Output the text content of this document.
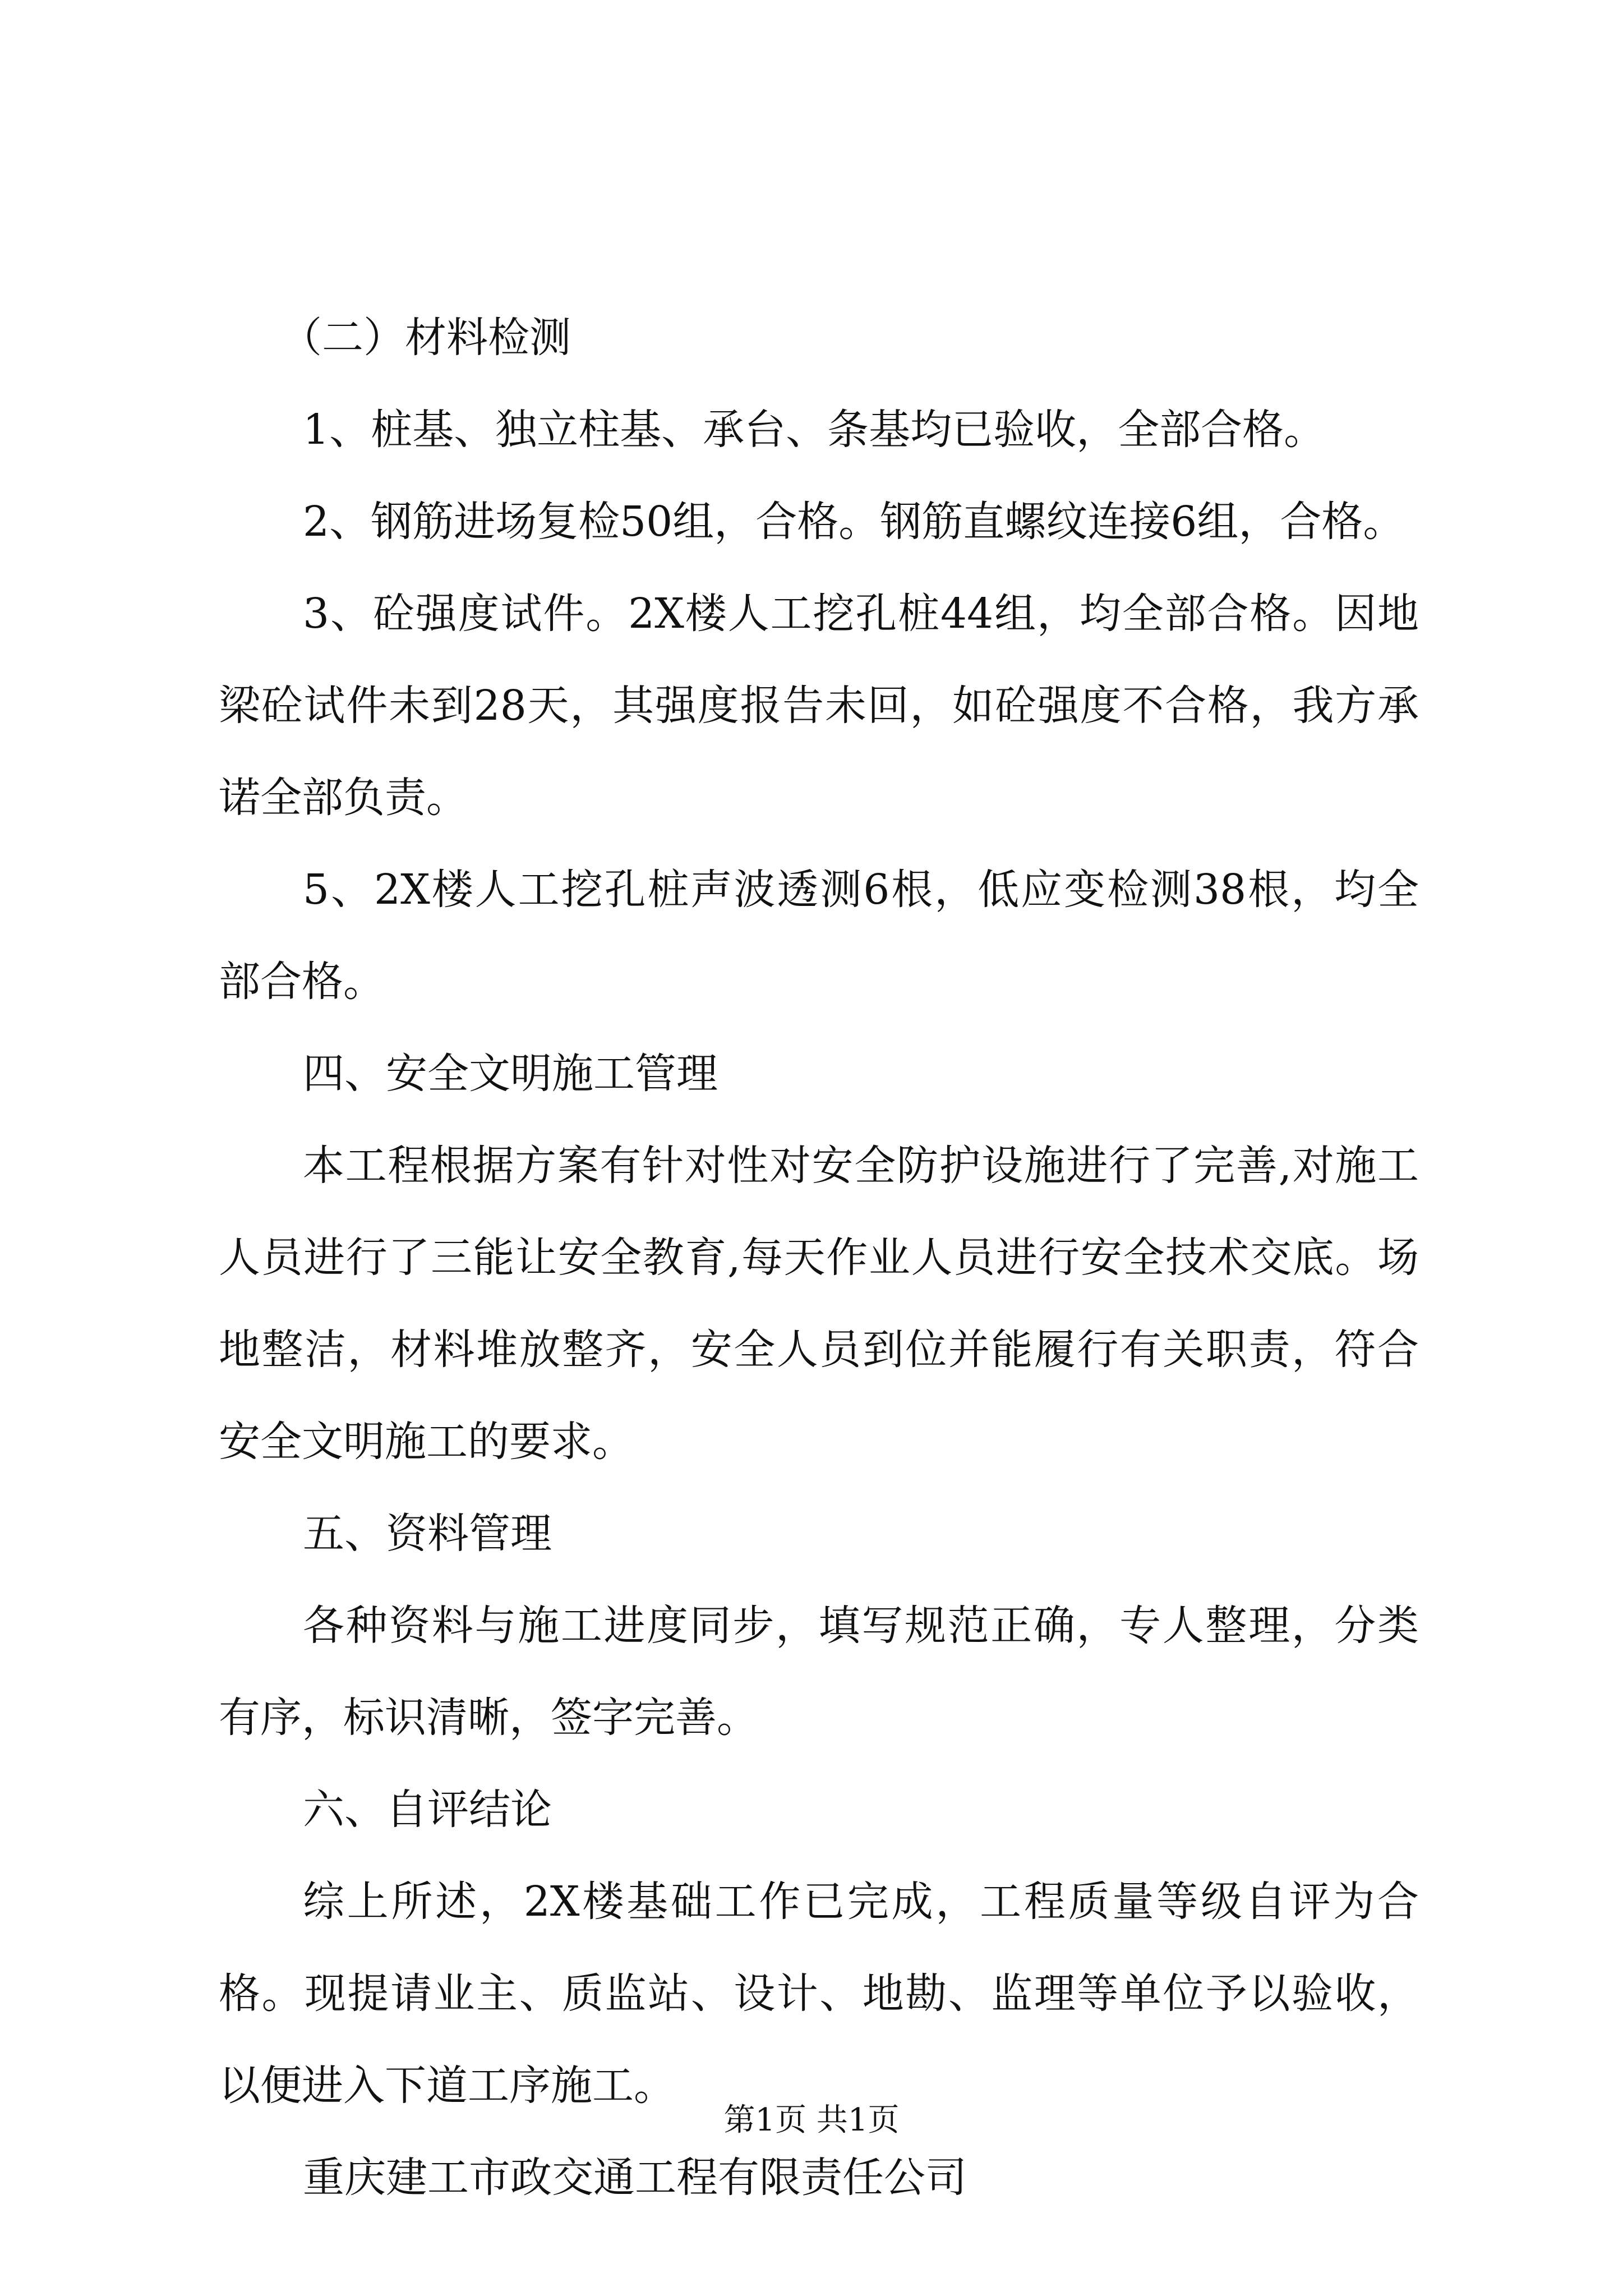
（二）材料检测

1、桩基、独立柱基、承台、条基均已验收，全部合格。

2、钢筋进场复检50组，合格。钢筋直螺纹连接6组，合格。

3、砼强度试件。2X楼人工挖孔桩44组，均全部合格。因地梁砼试件未到28天，其强度报告未回，如砼强度不合格，我方承诺全部负责。

5、2X楼人工挖孔桩声波透测6根，低应变检测38根，均全部合格。

四、安全文明施工管理

本工程根据方案有针对性对安全防护设施进行了完善,对施工人员进行了三能让安全教育,每天作业人员进行安全技术交底。场地整洁，材料堆放整齐，安全人员到位并能履行有关职责，符合安全文明施工的要求。

五、资料管理

各种资料与施工进度同步，填写规范正确，专人整理，分类有序，标识清晰，签字完善。

六、自评结论

综上所述，2X楼基础工作已完成，工程质量等级自评为合格。现提请业主、质监站、设计、地勘、监理等单位予以验收，以便进入下道工序施工。

重庆建工市政交通工程有限责任公司

第1页 共1页
